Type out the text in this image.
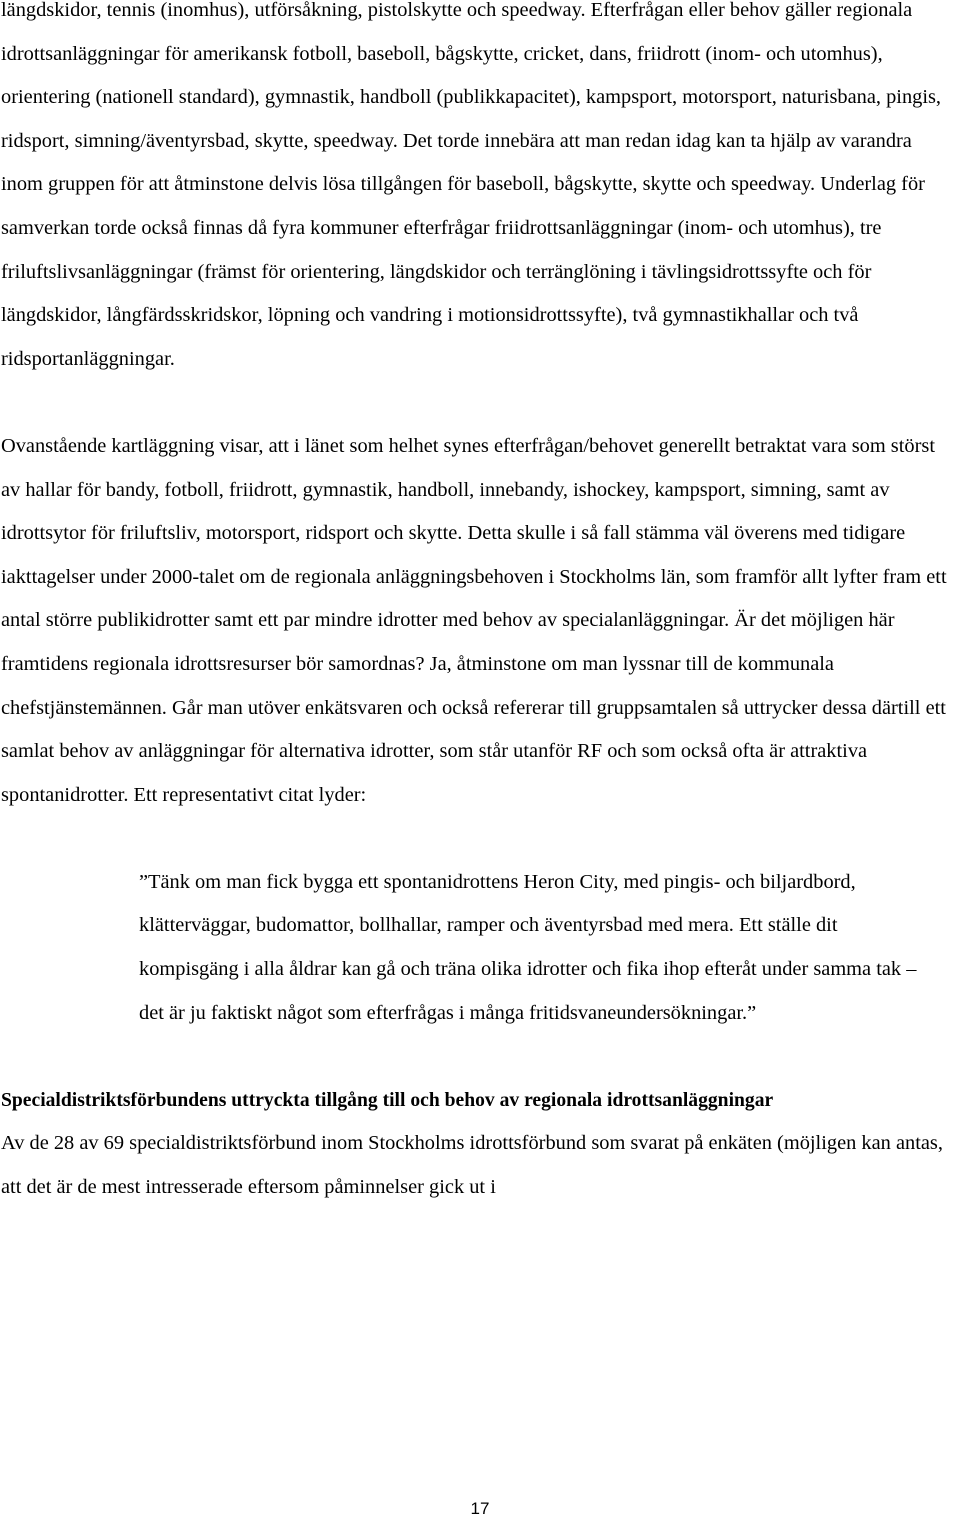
längdskidor, tennis (inomhus), utförsåkning, pistolskytte och speedway. Efterfrågan eller behov gäller regionala idrottsanläggningar för amerikansk fotboll, baseboll, bågskytte, cricket, dans, friidrott (inom- och utomhus), orientering (nationell standard), gymnastik, handboll (publikkapacitet), kampsport, motorsport, naturisbana, pingis, ridsport, simning/äventyrsbad, skytte, speedway. Det torde innebära att man redan idag kan ta hjälp av varandra inom gruppen för att åtminstone delvis lösa tillgången för baseboll, bågskytte, skytte och speedway. Underlag för samverkan torde också finnas då fyra kommuner efterfrågar friidrottsanläggningar (inom- och utomhus), tre friluftslivsanläggningar (främst för orientering, längdskidor och terränglöning i tävlingsidrottssyfte och för längdskidor, långfärdsskridskor, löpning och vandring i motionsidrottssyfte), två gymnastikhallar och två ridsportanläggningar.

Ovanstående kartläggning visar, att i länet som helhet synes efterfrågan/behovet generellt betraktat vara som störst av hallar för bandy, fotboll, friidrott, gymnastik, handboll, innebandy, ishockey, kampsport, simning, samt av idrottsytor för friluftsliv, motorsport, ridsport och skytte. Detta skulle i så fall stämma väl överens med tidigare iakttagelser under 2000-talet om de regionala anläggningsbehoven i Stockholms län, som framför allt lyfter fram ett antal större publikidrotter samt ett par mindre idrotter med behov av specialanläggningar. Är det möjligen här framtidens regionala idrottsresurser bör samordnas? Ja, åtminstone om man lyssnar till de kommunala chefstjänstemännen. Går man utöver enkätsvaren och också refererar till gruppsamtalen så uttrycker dessa därtill ett samlat behov av anläggningar för alternativa idrotter, som står utanför RF och som också ofta är attraktiva spontanidrotter. Ett representativt citat lyder:

”Tänk om man fick bygga ett spontanidrottens Heron City, med pingis- och biljardbord, klätterväggar, budomattor, bollhallar, ramper och äventyrsbad med mera. Ett ställe dit kompisgäng i alla åldrar kan gå och träna olika idrotter och fika ihop efteråt under samma tak – det är ju faktiskt något som efterfrågas i många fritidsvaneundersökningar.”

Specialdistriktsförbundens uttryckta tillgång till och behov av regionala idrottsanläggningar

Av de 28 av 69 specialdistriktsförbund inom Stockholms idrottsförbund som svarat på enkäten (möjligen kan antas, att det är de mest intresserade eftersom påminnelser gick ut i

17
